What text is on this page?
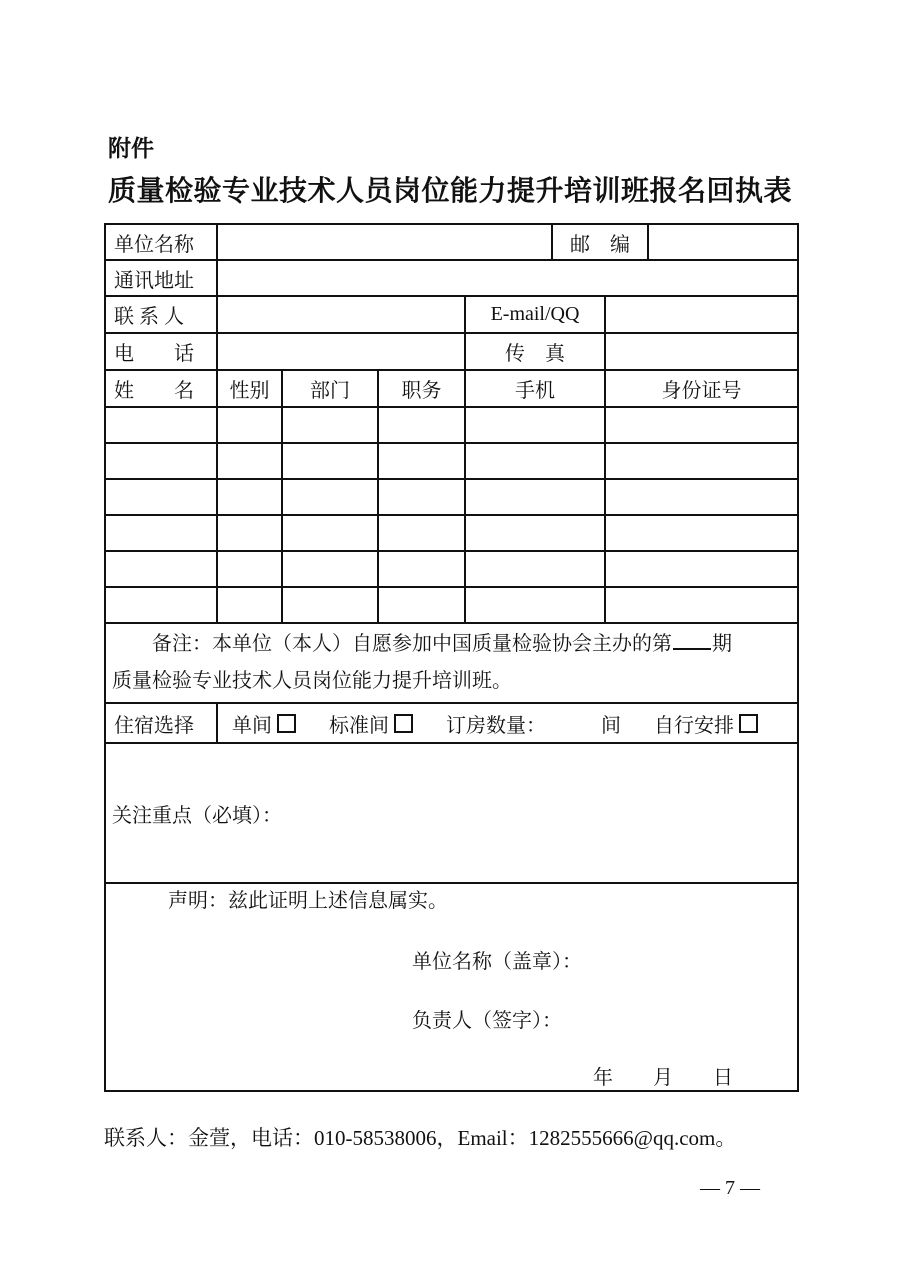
附件
质量检验专业技术人员岗位能力提升培训班报名回执表
单位名称					邮　编		
通讯地址							
联 系 人				E-mail/QQ			
电　　话				传　真			
姓　　名	性别	部门	职务	手机		身份证号	

备注：本单位（本人）自愿参加中国质量检验协会主办的第 期
质量检验专业技术人员岗位能力提升培训班。							

住宿选择	单间 标准间 订房数量： 间 自行安排						

关注重点（必填）：							

声明：兹此证明上述信息属实。
单位名称（盖章）：
负责人（签字）：
年　　月　　日							
联系人：金萱，电话：010-58538006，Email：1282555666@qq.com。
— 7 —
